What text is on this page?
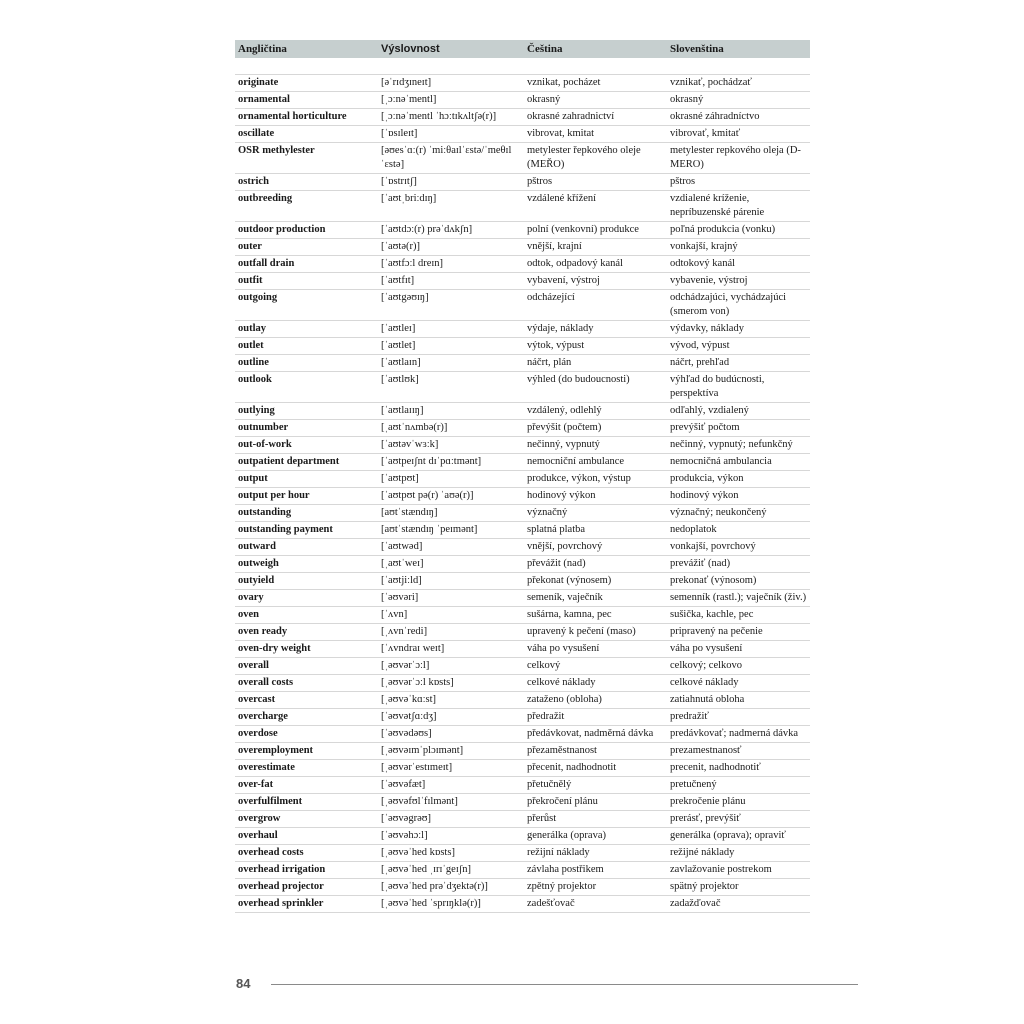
Angličtina	Výslovnost	Čeština	Slovenština

originate	[əˈrɪdʒɪneɪt]	vznikat, pocházet	vznikať, pochádzať
ornamental	[ˌɔːnəˈmentl]	okrasný	okrasný
ornamental horticulture	[ˌɔːnəˈmentl ˈhɔːtɪkʌltʃə(r)]	okrasné zahradnictví	okrasné záhradníctvo
oscillate	[ˈɒsɪleɪt]	vibrovat, kmitat	vibrovať, kmitať
OSR methylester	[əʊesˈɑː(r) ˈmiːθaɪlˈɛstə/ˈmeθɪlˈɛstə]	metylester řepkového oleje (MEŘO)	metylester repkového oleja (D-MERO)
ostrich	[ˈɒstrɪtʃ]	pštros	pštros
outbreeding	[ˈaʊtˌbriːdɪŋ]	vzdálené křížení	vzdialené kríženie, nepríbuzenské párenie
outdoor production	[ˈaʊtdɔː(r) prəˈdʌkʃn]	polní (venkovní) produkce	poľná produkcia (vonku)
outer	[ˈaʊtə(r)]	vnější, krajní	vonkajší, krajný
outfall drain	[ˈaʊtfɔːl dreɪn]	odtok, odpadový kanál	odtokový kanál
outfit	[ˈaʊtfɪt]	vybavení, výstroj	vybavenie, výstroj
outgoing	[ˈaʊtgəʊɪŋ]	odcházející	odchádzajúci, vychádzajúci (smerom von)
outlay	[ˈaʊtleɪ]	výdaje, náklady	výdavky, náklady
outlet	[ˈaʊtlet]	výtok, výpust	vývod, výpust
outline	[ˈaʊtlaɪn]	náčrt, plán	náčrt, prehľad
outlook	[ˈaʊtlʊk]	výhled (do budoucnosti)	výhľad do budúcnosti, perspektíva
outlying	[ˈaʊtlaɪɪŋ]	vzdálený, odlehlý	odľahlý, vzdialený
outnumber	[ˌaʊtˈnʌmbə(r)]	převýšit (počtem)	prevýšiť počtom
out-of-work	[ˈaʊtəvˈwɜːk]	nečinný, vypnutý	nečinný, vypnutý; nefunkčný
outpatient department	[ˈaʊtpeɪʃnt dɪˈpɑːtmənt]	nemocniční ambulance	nemocničná ambulancia
output	[ˈaʊtpʊt]	produkce, výkon, výstup	produkcia, výkon
output per hour	[ˈaʊtpʊt pə(r) ˈaʊə(r)]	hodinový výkon	hodinový výkon
outstanding	[aʊtˈstændɪŋ]	význačný	význačný; neukončený
outstanding payment	[aʊtˈstændɪŋ ˈpeɪmənt]	splatná platba	nedoplatok
outward	[ˈaʊtwəd]	vnější, povrchový	vonkajší, povrchový
outweigh	[ˌaʊtˈweɪ]	převážit (nad)	prevážiť (nad)
outyield	[ˈaʊtjiːld]	překonat (výnosem)	prekonať (výnosom)
ovary	[ˈəʊvəri]	semeník, vaječník	semenník (rastl.); vaječník (živ.)
oven	[ˈʌvn]	sušárna, kamna, pec	sušička, kachle, pec
oven ready	[ˌʌvnˈredi]	upravený k pečení (maso)	pripravený na pečenie
oven-dry weight	[ˈʌvndraɪ weɪt]	váha po vysušení	váha po vysušení
overall	[ˌəʊvərˈɔːl]	celkový	celkový; celkovo
overall costs	[ˌəʊvərˈɔːl kɒsts]	celkové náklady	celkové náklady
overcast	[ˌəʊvəˈkɑːst]	zataženo (obloha)	zatiahnutá obloha
overcharge	[ˈəʊvətʃɑːdʒ]	předražit	predražiť
overdose	[ˈəʊvədəʊs]	předávkovat, nadměrná dávka	predávkovať; nadmerná dávka
overemployment	[ˌəʊvəɪmˈplɔɪmənt]	přezaměstnanost	prezamestnanosť
overestimate	[ˌəʊvərˈestɪmeɪt]	přecenit, nadhodnotit	precenit, nadhodnotiť
over-fat	[ˈəʊvəfæt]	přetučnělý	pretučnený
overfulfilment	[ˌəʊvəfʊlˈfɪlmənt]	překročení plánu	prekročenie plánu
overgrow	[ˈəʊvəgrəʊ]	přerůst	prerásť, prevýšiť
overhaul	[ˈəʊvəhɔːl]	generálka (oprava)	generálka (oprava); opraviť
overhead costs	[ˌəʊvəˈhed kɒsts]	režijní náklady	režijné náklady
overhead irrigation	[ˌəʊvəˈhed ˌɪrɪˈgeɪʃn]	závlaha postřikem	zavlažovanie postrekom
overhead projector	[ˌəʊvəˈhed prəˈdʒektə(r)]	zpětný projektor	spätný projektor
overhead sprinkler	[ˌəʊvəˈhed ˈsprɪŋklə(r)]	zadešťovač	zadažďovač
84
